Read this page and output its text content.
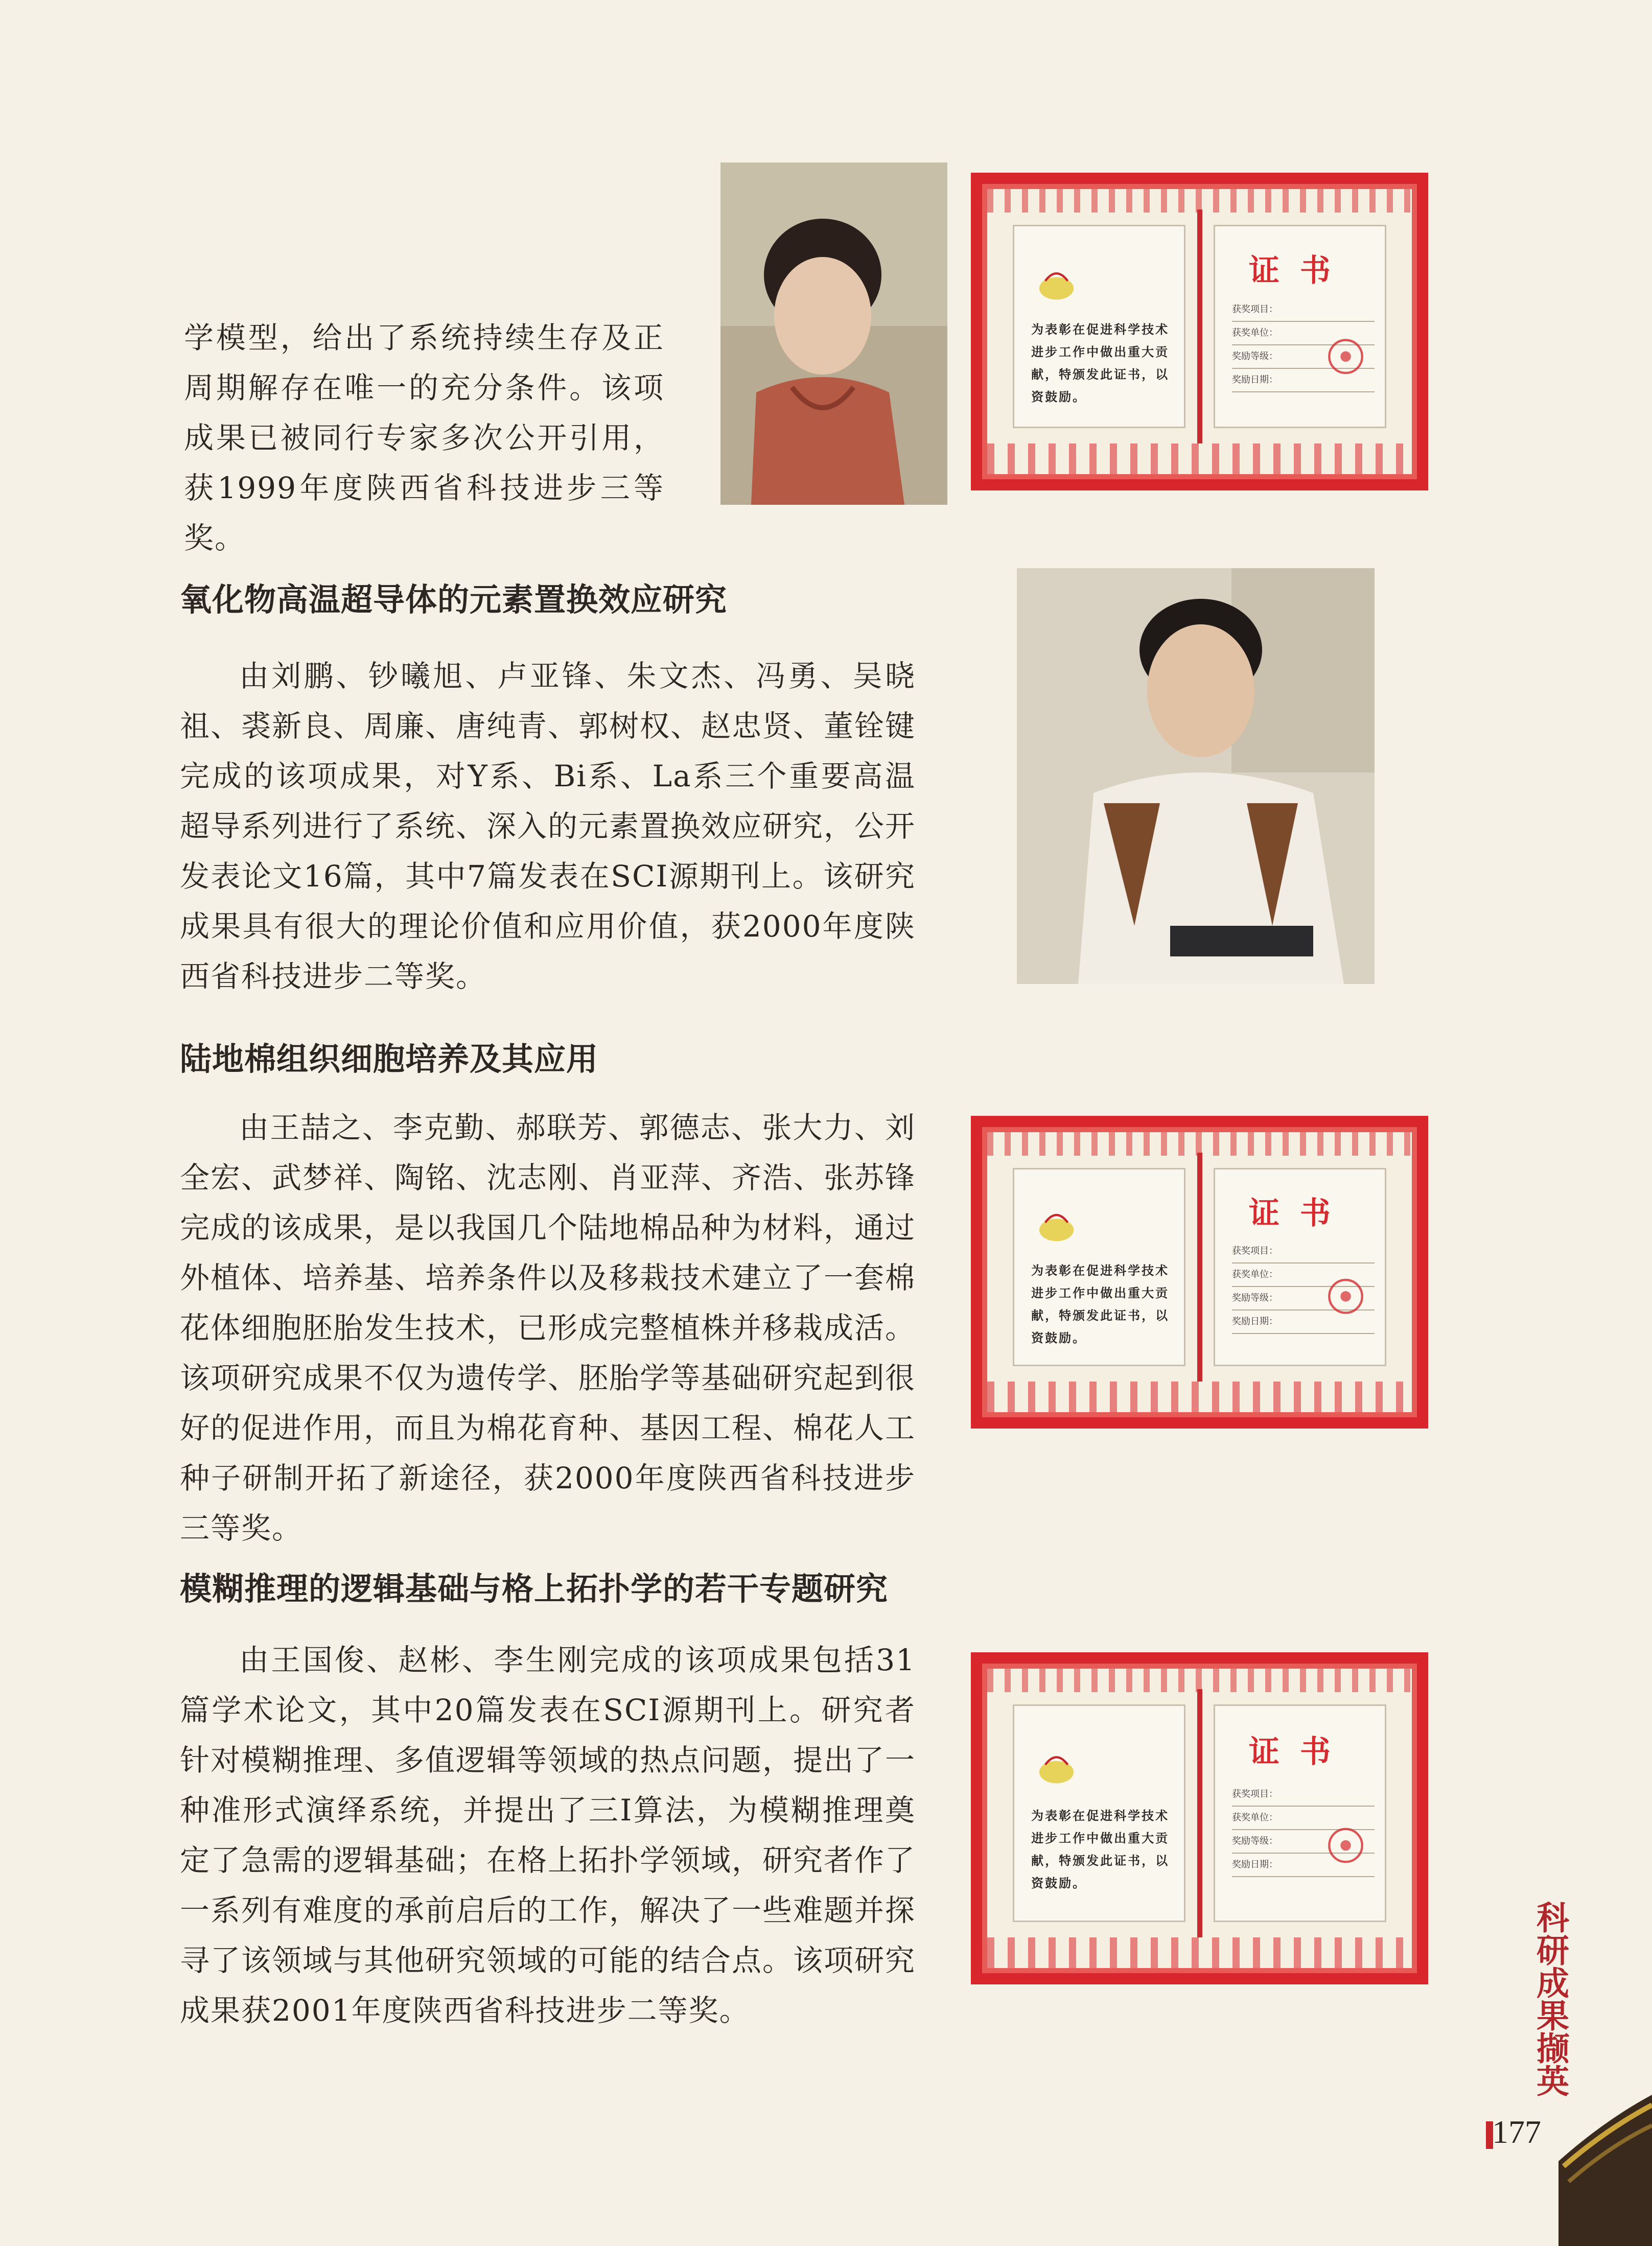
学模型，给出了系统持续生存及正周期解存在唯一的充分条件。该项成果已被同行专家多次公开引用，获1999年度陕西省科技进步三等奖。

为表彰在促进科学技术进步工作中做出重大贡献，特颁发此证书，以资鼓励。
证书
获奖项目：
获奖单位：
奖励等级：
奖励日期：
氧化物高温超导体的元素置换效应研究

由刘鹏、钞曦旭、卢亚锋、朱文杰、冯勇、吴晓祖、裘新良、周廉、唐纯青、郭树权、赵忠贤、董铨键完成的该项成果，对Y系、Bi系、La系三个重要高温超导系列进行了系统、深入的元素置换效应研究，公开发表论文16篇，其中7篇发表在SCI源期刊上。该研究成果具有很大的理论价值和应用价值，获2000年度陕西省科技进步二等奖。

陆地棉组织细胞培养及其应用

由王喆之、李克勤、郝联芳、郭德志、张大力、刘全宏、武梦祥、陶铭、沈志刚、肖亚萍、齐浩、张苏锋完成的该成果，是以我国几个陆地棉品种为材料，通过外植体、培养基、培养条件以及移栽技术建立了一套棉花体细胞胚胎发生技术，已形成完整植株并移栽成活。该项研究成果不仅为遗传学、胚胎学等基础研究起到很好的促进作用，而且为棉花育种、基因工程、棉花人工种子研制开拓了新途径，获2000年度陕西省科技进步三等奖。

为表彰在促进科学技术进步工作中做出重大贡献，特颁发此证书，以资鼓励。
证书
获奖项目：
获奖单位：
奖励等级：
奖励日期：
模糊推理的逻辑基础与格上拓扑学的若干专题研究

由王国俊、赵彬、李生刚完成的该项成果包括31篇学术论文，其中20篇发表在SCI源期刊上。研究者针对模糊推理、多值逻辑等领域的热点问题，提出了一种准形式演绎系统，并提出了三I算法，为模糊推理奠定了急需的逻辑基础；在格上拓扑学领域，研究者作了一系列有难度的承前启后的工作，解决了一些难题并探寻了该领域与其他研究领域的可能的结合点。该项研究成果获2001年度陕西省科技进步二等奖。

为表彰在促进科学技术进步工作中做出重大贡献，特颁发此证书，以资鼓励。
证书
获奖项目：
获奖单位：
奖励等级：
奖励日期：
科研成果撷英
177
